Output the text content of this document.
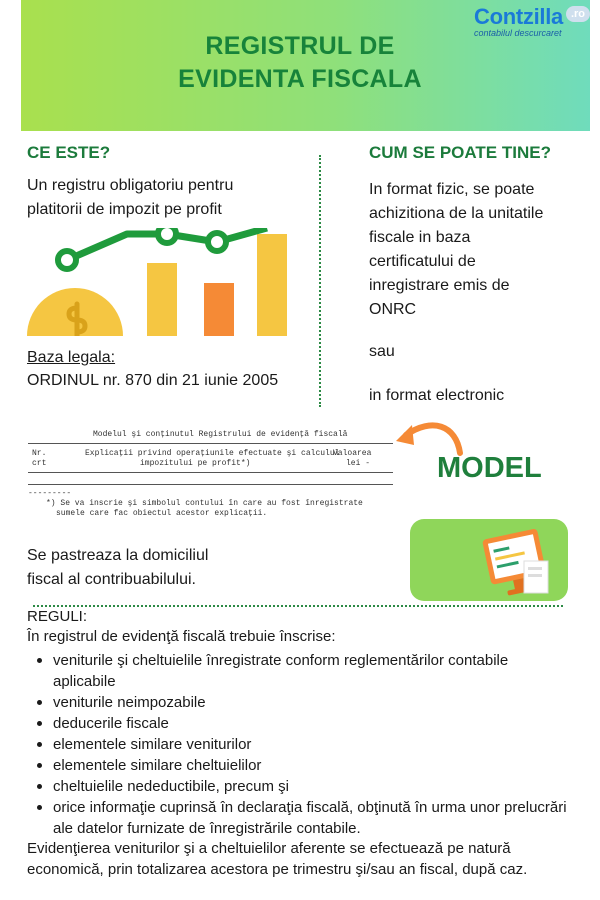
REGISTRUL DE
EVIDENTA FISCALA
Contzilla .ro
contabilul descurcaret
CE ESTE?
Un registru obligatoriu pentru
platitorii de impozit pe profit
Baza legala:
ORDINUL nr. 870 din 21 iunie 2005
CUM SE POATE TINE?
In format fizic, se poate
achizitiona de la unitatile
fiscale in baza
certificatului de
inregistrare emis de
ONRC
sau
in format electronic
Modelul şi conţinutul Registrului de evidenţă fiscală
Nr.
crt
Explicaţii privind operaţiunile efectuate şi calculul
impozitului pe profit*)
Valoarea
lei -
---------
*) Se va inscrie şi simbolul contului în care au fost înregistrate
sumele care fac obiectul acestor explicaţii.
MODEL
Se pastreaza la domiciliul
fiscal al contribuabilului.
REGULI:
În registrul de evidenţă fiscală trebuie înscrise:
veniturile şi cheltuielile înregistrate conform reglementărilor contabile aplicabile
veniturile neimpozabile
deducerile fiscale
elementele similare veniturilor
elementele similare cheltuielilor
cheltuielile nedeductibile, precum şi
orice informaţie cuprinsă în declaraţia fiscală, obţinută în urma unor prelucrări ale datelor furnizate de înregistrările contabile.
Evidenţierea veniturilor şi a cheltuielilor aferente se efectuează pe natură economică, prin totalizarea acestora pe trimestru şi/sau an fiscal, după caz.
